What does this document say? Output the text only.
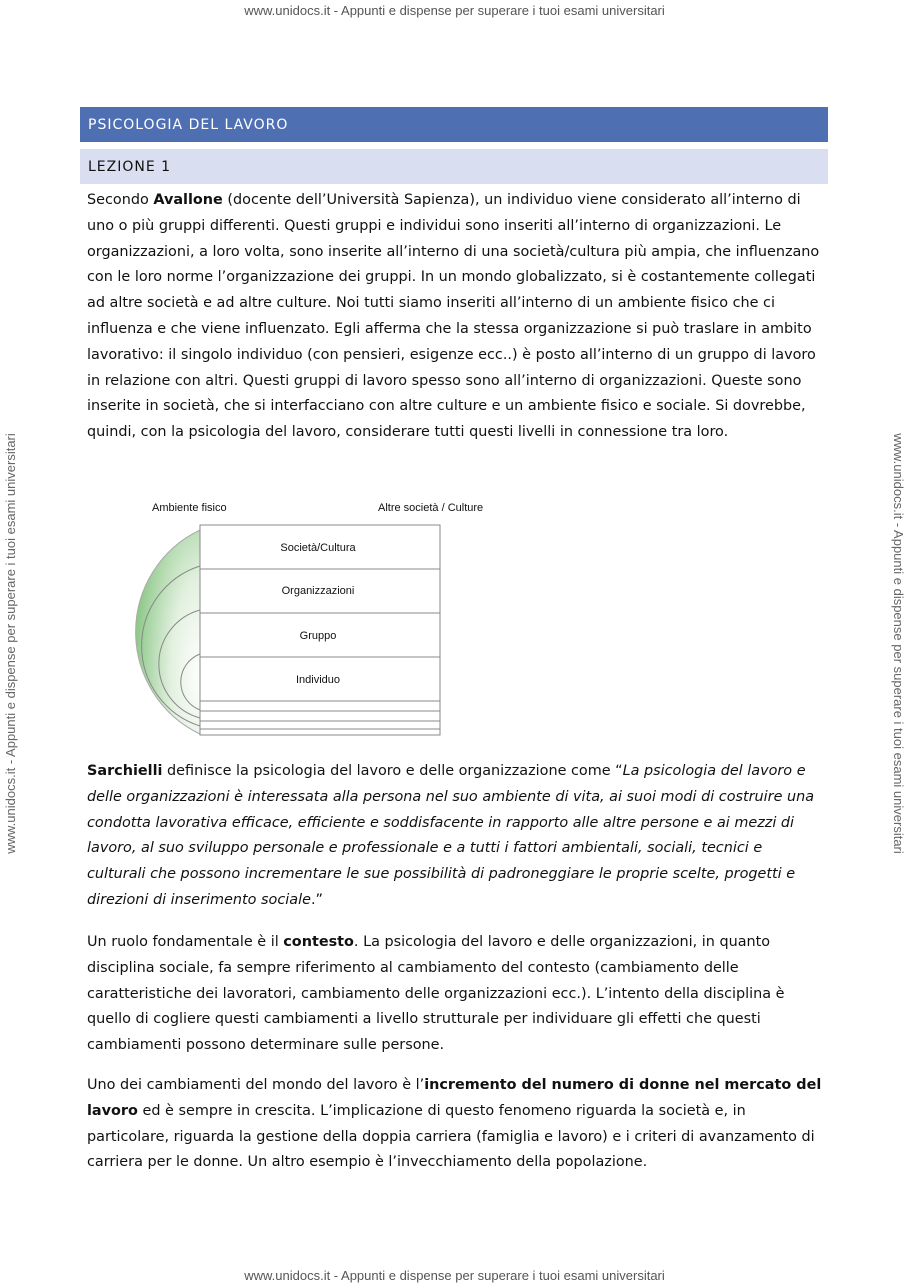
www.unidocs.it - Appunti e dispense per superare i tuoi esami universitari
www.unidocs.it - Appunti e dispense per superare i tuoi esami universitari
www.unidocs.it - Appunti e dispense per superare i tuoi esami universitari	www.unidocs.it - Appunti e dispense per superare i tuoi esami universitari
PSICOLOGIA DEL LAVORO
LEZIONE 1

Secondo Avallone (docente dell’Università Sapienza), un individuo viene considerato all’interno di uno o più gruppi differenti. Questi gruppi e individui sono inseriti all’interno di organizzazioni. Le organizzazioni, a loro volta, sono inserite all’interno di una società/cultura più ampia, che influenzano con le loro norme l’organizzazione dei gruppi. In un mondo globalizzato, si è costantemente collegati ad altre società e ad altre culture. Noi tutti siamo inseriti all’interno di un ambiente fisico che ci influenza e che viene influenzato. Egli afferma che la stessa organizzazione si può traslare in ambito lavorativo: il singolo individuo (con pensieri, esigenze ecc..) è posto all’interno di un gruppo di lavoro in relazione con altri. Questi gruppi di lavoro spesso sono all’interno di organizzazioni. Queste sono inserite in società, che si interfacciano con altre culture e un ambiente fisico e sociale. Si dovrebbe, quindi, con la psicologia del lavoro, considerare tutti questi livelli in connessione tra loro.

Ambiente fisico	Altre società / Culture
Società/Cultura
Organizzazioni
Gruppo
Individuo

Sarchielli definisce la psicologia del lavoro e delle organizzazione come “La psicologia del lavoro e delle organizzazioni è interessata alla persona nel suo ambiente di vita, ai suoi modi di costruire una condotta lavorativa efficace, efficiente e soddisfacente in rapporto alle altre persone e ai mezzi di lavoro, al suo sviluppo personale e professionale e a tutti i fattori ambientali, sociali, tecnici e culturali che possono incrementare le sue possibilità di padroneggiare le proprie scelte, progetti e direzioni di inserimento sociale.”

Un ruolo fondamentale è il contesto. La psicologia del lavoro e delle organizzazioni, in quanto disciplina sociale, fa sempre riferimento al cambiamento del contesto (cambiamento delle caratteristiche dei lavoratori, cambiamento delle organizzazioni ecc.). L’intento della disciplina è quello di cogliere questi cambiamenti a livello strutturale per individuare gli effetti che questi cambiamenti possono determinare sulle persone.

Uno dei cambiamenti del mondo del lavoro è l’incremento del numero di donne nel mercato del lavoro ed è sempre in crescita. L’implicazione di questo fenomeno riguarda la società e, in particolare, riguarda la gestione della doppia carriera (famiglia e lavoro) e i criteri di avanzamento di carriera per le donne. Un altro esempio è l’invecchiamento della popolazione.
